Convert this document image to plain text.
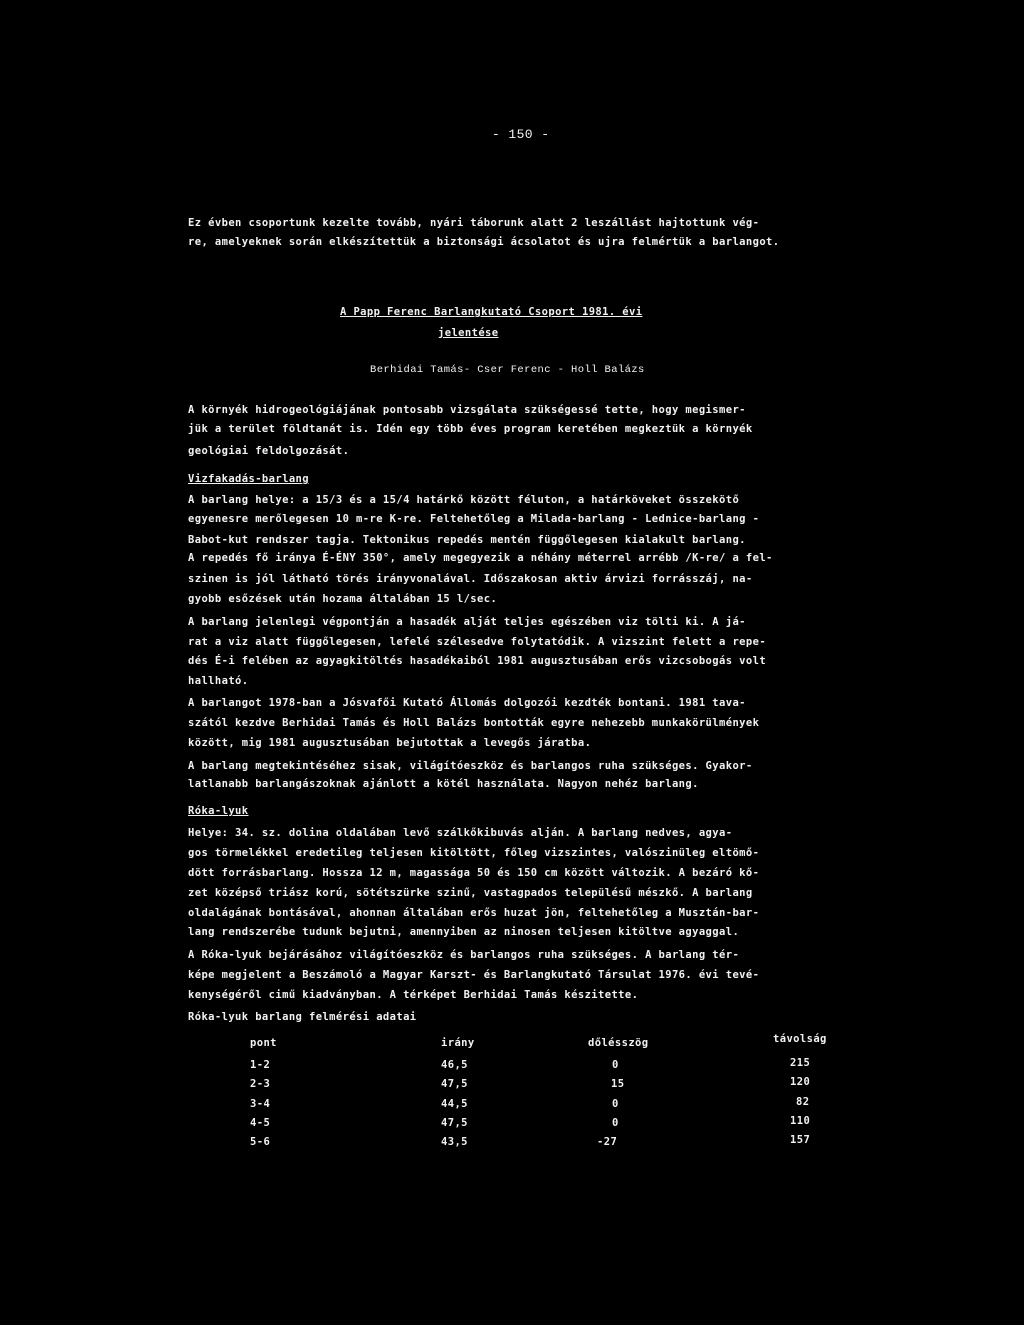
- 150 -
Ez évben csoportunk kezelte tovább, nyári táborunk alatt 2 leszállást hajtottunk vég-
re, amelyeknek során elkészítettük a biztonsági ácsolatot és ujra felmértük a barlangot.
A Papp Ferenc Barlangkutató Csoport 1981. évi
jelentése
Berhidai Tamás- Cser Ferenc - Holl Balázs
A környék hidrogeológiájának pontosabb vizsgálata szükségessé tette, hogy megismer-
jük a terület földtanát is. Idén egy több éves program keretében megkeztük a környék
geológiai feldolgozását.
Vizfakadás-barlang
A barlang helye: a 15/3 és a 15/4 határkő között féluton, a határköveket összekötő
egyenesre merőlegesen 10 m-re K-re. Feltehetőleg a Milada-barlang - Lednice-barlang -
Babot-kut rendszer tagja. Tektonikus repedés mentén függőlegesen kialakult barlang.
A repedés fő iránya É-ÉNY 350°, amely megegyezik a néhány méterrel arrébb /K-re/ a fel-
szinen is jól látható törés irányvonalával. Időszakosan aktiv árvizi forrásszáj, na-
gyobb esőzések után hozama általában 15 l/sec.
A barlang jelenlegi végpontján a hasadék alját teljes egészében viz tölti ki. A já-
rat a viz alatt függőlegesen, lefelé szélesedve folytatódik. A vizszint felett a repe-
dés É-i felében az agyagkitöltés hasadékaiból 1981 augusztusában erős vizcsobogás volt
hallható.
A barlangot 1978-ban a Jósvafői Kutató Állomás dolgozói kezdték bontani. 1981 tava-
szától kezdve Berhidai Tamás és Holl Balázs bontották egyre nehezebb munkakörülmények
között, mig 1981 augusztusában bejutottak a levegős járatba.
A barlang megtekintéséhez sisak, világítóeszköz és barlangos ruha szükséges. Gyakor-
latlanabb barlangászoknak ajánlott a kötél használata. Nagyon nehéz barlang.
Róka-lyuk
Helye: 34. sz. dolina oldalában levő szálkőkibuvás alján. A barlang nedves, agya-
gos törmelékkel eredetileg teljesen kitöltött, főleg vizszintes, valószinüleg eltömő-
dött forrásbarlang. Hossza 12 m, magassága 50 és 150 cm között változik. A bezáró kő-
zet középső triász korú, sötétszürke szinű, vastagpados településű mészkő. A barlang
oldalágának bontásával, ahonnan általában erős huzat jön, feltehetőleg a Musztán-bar-
lang rendszerébe tudunk bejutni, amennyiben az ninosen teljesen kitöltve agyaggal.
A Róka-lyuk bejárásához világítóeszköz és barlangos ruha szükséges. A barlang tér-
képe megjelent a Beszámoló a Magyar Karszt- és Barlangkutató Társulat 1976. évi tevé-
kenységéről cimű kiadványban. A térképet Berhidai Tamás készitette.
Róka-lyuk barlang felmérési adatai
pont	irány	dőlésszög	távolság
1-2	46,5	0	215
2-3	47,5	15	120
3-4	44,5	0	82
4-5	47,5	0	110
5-6	43,5	-27	157
